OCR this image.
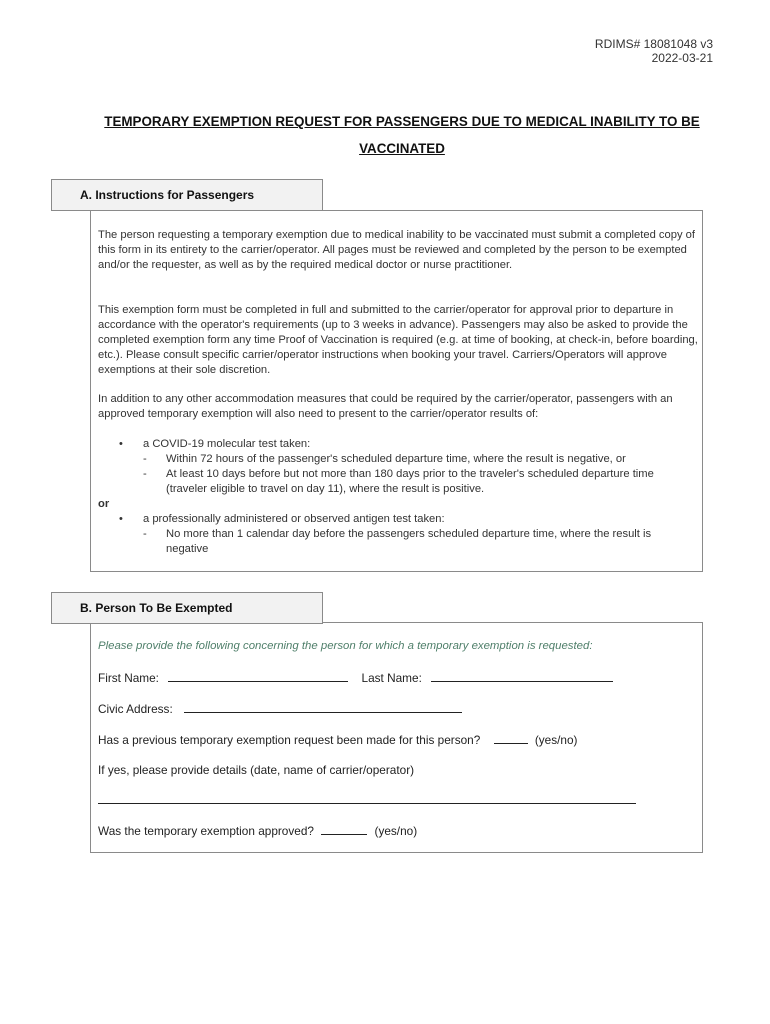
RDIMS# 18081048 v3
2022-03-21
TEMPORARY EXEMPTION REQUEST FOR PASSENGERS DUE TO MEDICAL INABILITY TO BE
VACCINATED
A. Instructions for Passengers

The person requesting a temporary exemption due to medical inability to be vaccinated must submit a completed copy of this form in its entirety to the carrier/operator. All pages must be reviewed and completed by the person to be exempted and/or the requester, as well as by the required medical doctor or nurse practitioner.

This exemption form must be completed in full and submitted to the carrier/operator for approval prior to departure in accordance with the operator's requirements (up to 3 weeks in advance). Passengers may also be asked to provide the completed exemption form any time Proof of Vaccination is required (e.g. at time of booking, at check-in, before boarding, etc.). Please consult specific carrier/operator instructions when booking your travel. Carriers/Operators will approve exemptions at their sole discretion.

In addition to any other accommodation measures that could be required by the carrier/operator, passengers with an approved temporary exemption will also need to present to the carrier/operator results of:

• a COVID-19 molecular test taken:
- Within 72 hours of the passenger's scheduled departure time, where the result is negative, or
- At least 10 days before but not more than 180 days prior to the traveler's scheduled departure time (traveler eligible to travel on day 11), where the result is positive.
or
• a professionally administered or observed antigen test taken:
- No more than 1 calendar day before the passengers scheduled departure time, where the result is negative
B. Person To Be Exempted
Please provide the following concerning the person for which a temporary exemption is requested:
First Name:	Last Name:
Civic Address:
Has a previous temporary exemption request been made for this person?	(yes/no)
If yes, please provide details (date, name of carrier/operator)
Was the temporary exemption approved?	(yes/no)
